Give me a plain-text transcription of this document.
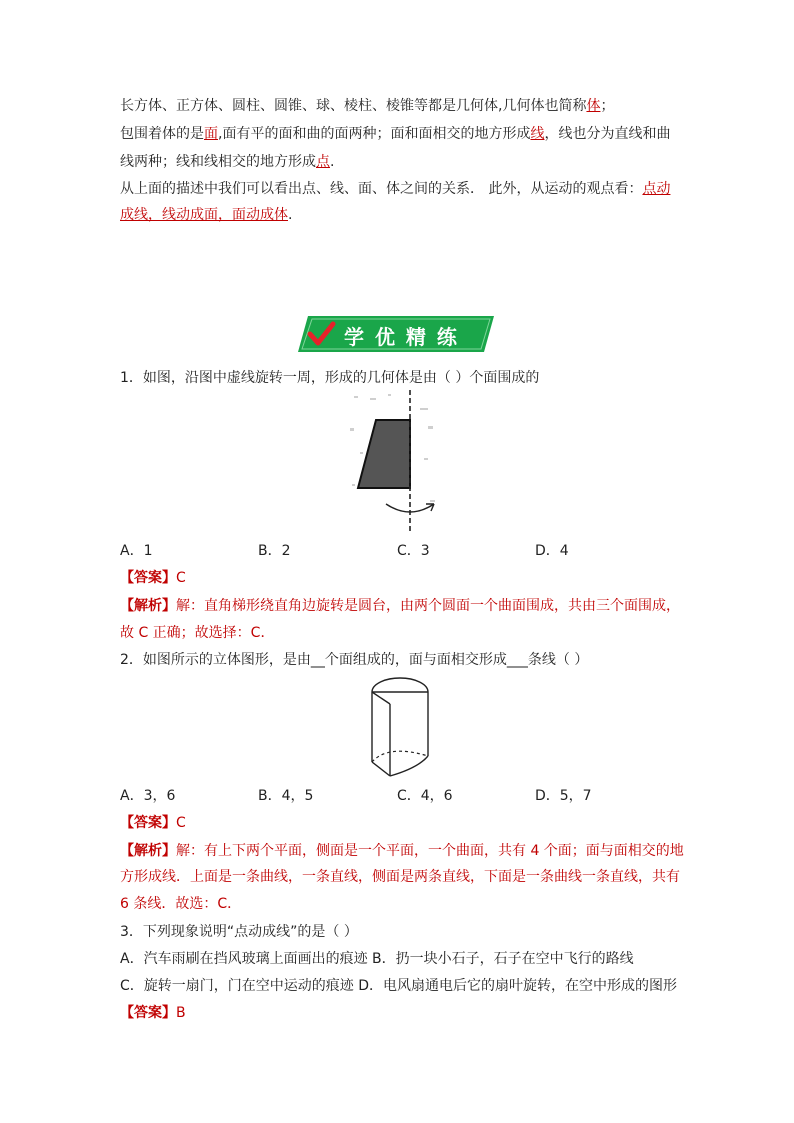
长方体、正方体、圆柱、圆锥、球、棱柱、棱锥等都是几何体,几何体也简称体；
包围着体的是面,面有平的面和曲的面两种；面和面相交的地方形成线，线也分为直线和曲
线两种；线和线相交的地方形成点.
从上面的描述中我们可以看出点、线、面、体之间的关系． 此外，从运动的观点看：点动
成线，线动成面，面动成体.
学 优 精 练
1．如图，沿图中虚线旋转一周，形成的几何体是由（ ）个面围成的
A．1	B．2	C．3	D．4
【答案】C
【解析】解：直角梯形绕直角边旋转是圆台，由两个圆面一个曲面围成，共由三个面围成，
故 C 正确；故选择：C．
2．如图所示的立体图形，是由__个面组成的，面与面相交形成___条线（ ）
A．3，6	B．4，5	C．4，6	D．5，7
【答案】C
【解析】解：有上下两个平面，侧面是一个平面，一个曲面，共有 4 个面；面与面相交的地
方形成线．上面是一条曲线，一条直线，侧面是两条直线，下面是一条曲线一条直线，共有
6 条线．故选：C．
3．下列现象说明“点动成线”的是（ ）
A．汽车雨刷在挡风玻璃上面画出的痕迹 B．扔一块小石子，石子在空中飞行的路线
C．旋转一扇门，门在空中运动的痕迹 D．电风扇通电后它的扇叶旋转，在空中形成的图形
【答案】B
